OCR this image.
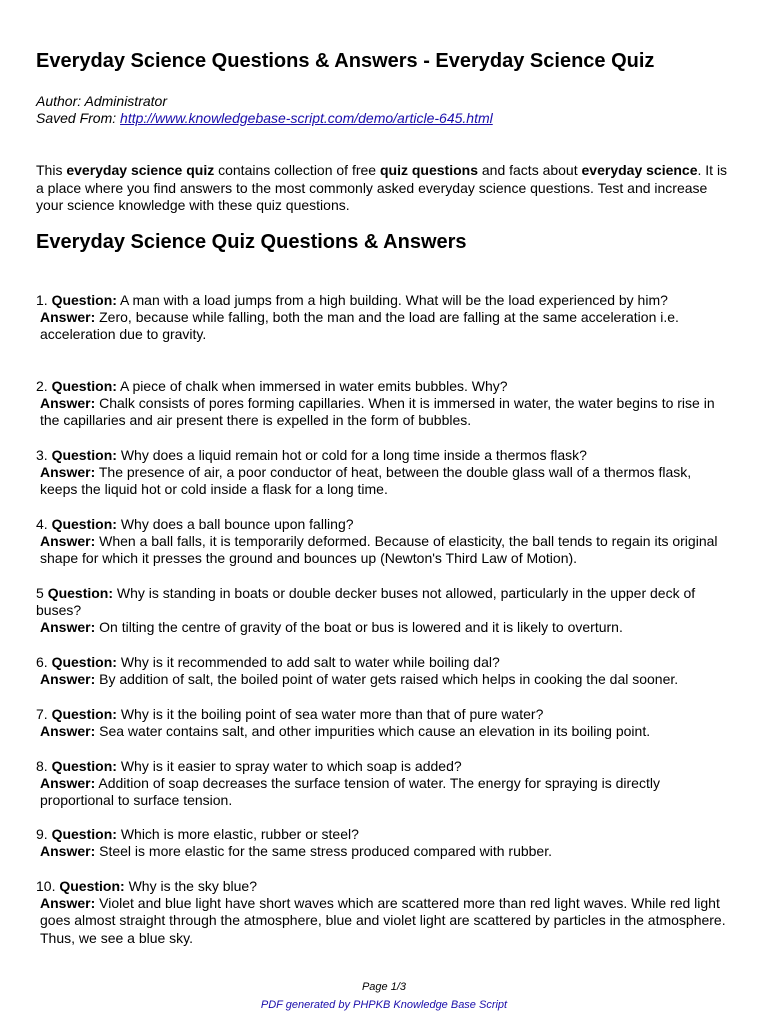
Everyday Science Questions & Answers - Everyday Science Quiz
Author: Administrator
Saved From: http://www.knowledgebase-script.com/demo/article-645.html

This everyday science quiz contains collection of free quiz questions and facts about everyday science. It is a place where you find answers to the most commonly asked everyday science questions. Test and increase your science knowledge with these quiz questions.

Everyday Science Quiz Questions & Answers

1. Question: A man with a load jumps from a high building. What will be the load experienced by him?

Answer: Zero, because while falling, both the man and the load are falling at the same acceleration i.e. acceleration due to gravity.

2. Question: A piece of chalk when immersed in water emits bubbles. Why?

Answer: Chalk consists of pores forming capillaries. When it is immersed in water, the water begins to rise in the capillaries and air present there is expelled in the form of bubbles.

3. Question: Why does a liquid remain hot or cold for a long time inside a thermos flask?

Answer: The presence of air, a poor conductor of heat, between the double glass wall of a thermos flask, keeps the liquid hot or cold inside a flask for a long time.

4. Question: Why does a ball bounce upon falling?

Answer: When a ball falls, it is temporarily deformed. Because of elasticity, the ball tends to regain its original shape for which it presses the ground and bounces up (Newton's Third Law of Motion).

5 Question: Why is standing in boats or double decker buses not allowed, particularly in the upper deck of buses?

Answer: On tilting the centre of gravity of the boat or bus is lowered and it is likely to overturn.

6. Question: Why is it recommended to add salt to water while boiling dal?

Answer: By addition of salt, the boiled point of water gets raised which helps in cooking the dal sooner.

7. Question: Why is it the boiling point of sea water more than that of pure water?

Answer: Sea water contains salt, and other impurities which cause an elevation in its boiling point.

8. Question: Why is it easier to spray water to which soap is added?

Answer: Addition of soap decreases the surface tension of water. The energy for spraying is directly proportional to surface tension.

9. Question: Which is more elastic, rubber or steel?

Answer: Steel is more elastic for the same stress produced compared with rubber.

10. Question: Why is the sky blue?

Answer: Violet and blue light have short waves which are scattered more than red light waves. While red light goes almost straight through the atmosphere, blue and violet light are scattered by particles in the atmosphere. Thus, we see a blue sky.

Page 1/3
PDF generated by PHPKB Knowledge Base Script
